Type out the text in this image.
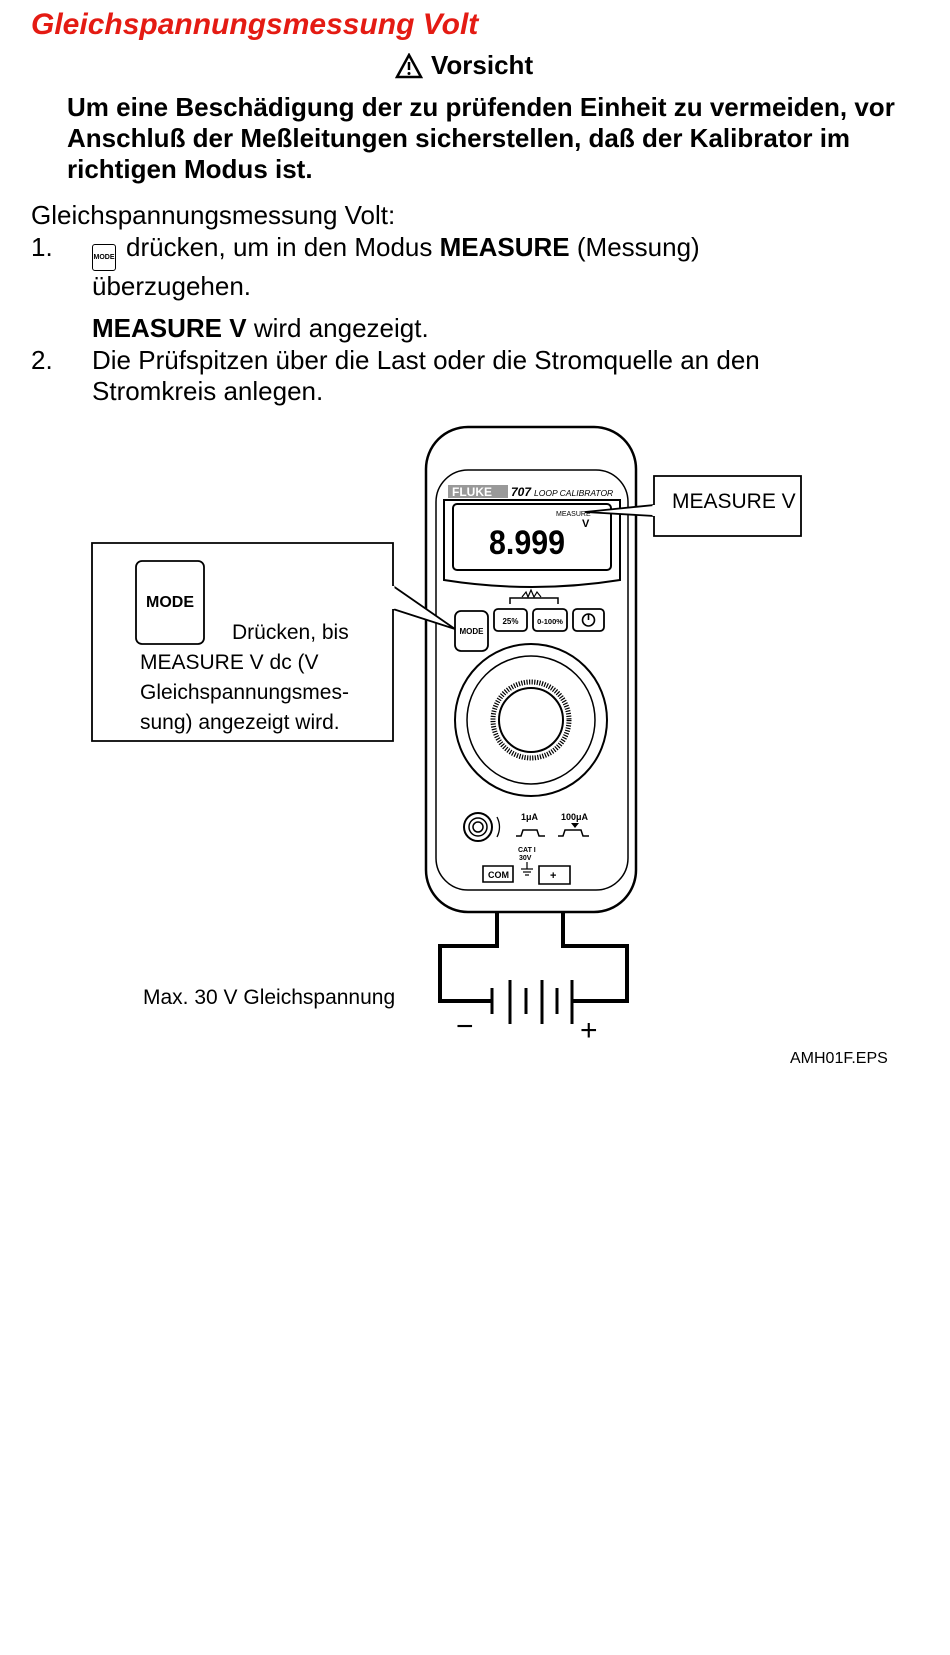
Gleichspannungsmessung Volt
Vorsicht
Um eine Beschädigung der zu prüfenden Einheit zu vermeiden, vor Anschluß der Meßleitungen sicherstellen, daß der Kalibrator im richtigen Modus ist.
Gleichspannungsmessung Volt:
1.	MODE drücken, um in den Modus MEASURE (Messung) überzugehen.
MEASURE V wird angezeigt.
2. Die Prüfspitzen über die Last oder die Stromquelle an den Stromkreis anlegen.
FLUKE 707 LOOP CALIBRATOR
MEASURE
8.999 V
MODE
25% 0-100%
1μA	100μA
CAT I
30V
COM	+
−	+
MODE
Drücken, bis
MEASURE V dc (V Gleichspannungsmes-sung) angezeigt wird.
MEASURE V
Max. 30 V Gleichspannung
AMH01F.EPS
